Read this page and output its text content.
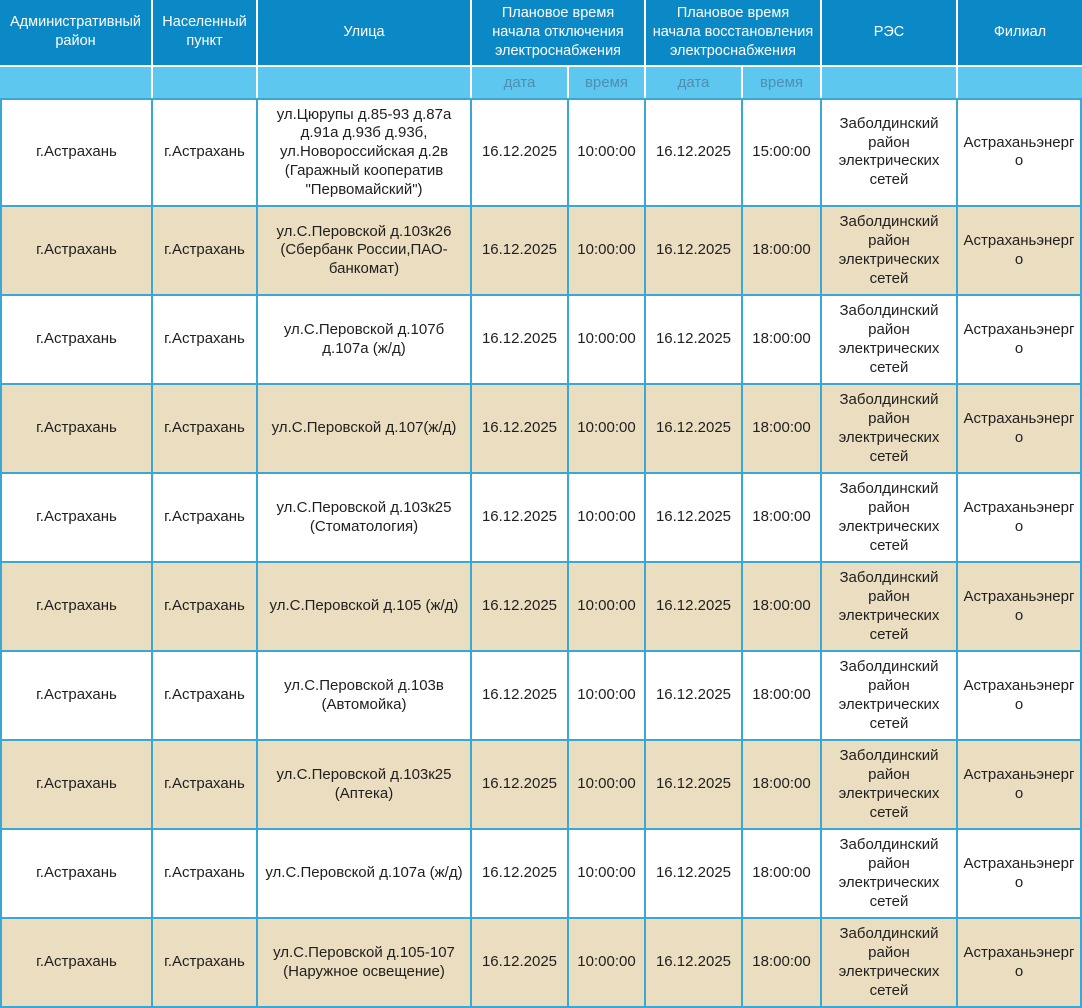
Административный район	Населенный пункт	Улица	Плановое время начала отключения электроснабжения		Плановое время начала восстановления электроснабжения		РЭС	Филиал
			дата	время	дата	время		
г.Астрахань	г.Астрахань	ул.Цюрупы д.85-93 д.87а д.91а д.93б д.93б, ул.Новороссийская д.2в (Гаражный кооператив "Первомайский")	16.12.2025	10:00:00	16.12.2025	15:00:00	Заболдинский район электрических сетей	Астраханьэнерго
г.Астрахань	г.Астрахань	ул.С.Перовской д.103к26 (Сбербанк России,ПАО-банкомат)	16.12.2025	10:00:00	16.12.2025	18:00:00	Заболдинский район электрических сетей	Астраханьэнерго
г.Астрахань	г.Астрахань	ул.С.Перовской д.107б д.107а (ж/д)	16.12.2025	10:00:00	16.12.2025	18:00:00	Заболдинский район электрических сетей	Астраханьэнерго
г.Астрахань	г.Астрахань	ул.С.Перовской д.107(ж/д)	16.12.2025	10:00:00	16.12.2025	18:00:00	Заболдинский район электрических сетей	Астраханьэнерго
г.Астрахань	г.Астрахань	ул.С.Перовской д.103к25 (Стоматология)	16.12.2025	10:00:00	16.12.2025	18:00:00	Заболдинский район электрических сетей	Астраханьэнерго
г.Астрахань	г.Астрахань	ул.С.Перовской д.105 (ж/д)	16.12.2025	10:00:00	16.12.2025	18:00:00	Заболдинский район электрических сетей	Астраханьэнерго
г.Астрахань	г.Астрахань	ул.С.Перовской д.103в (Автомойка)	16.12.2025	10:00:00	16.12.2025	18:00:00	Заболдинский район электрических сетей	Астраханьэнерго
г.Астрахань	г.Астрахань	ул.С.Перовской д.103к25 (Аптека)	16.12.2025	10:00:00	16.12.2025	18:00:00	Заболдинский район электрических сетей	Астраханьэнерго
г.Астрахань	г.Астрахань	ул.С.Перовской д.107а (ж/д)	16.12.2025	10:00:00	16.12.2025	18:00:00	Заболдинский район электрических сетей	Астраханьэнерго
г.Астрахань	г.Астрахань	ул.С.Перовской д.105-107 (Наружное освещение)	16.12.2025	10:00:00	16.12.2025	18:00:00	Заболдинский район электрических сетей	Астраханьэнерго
